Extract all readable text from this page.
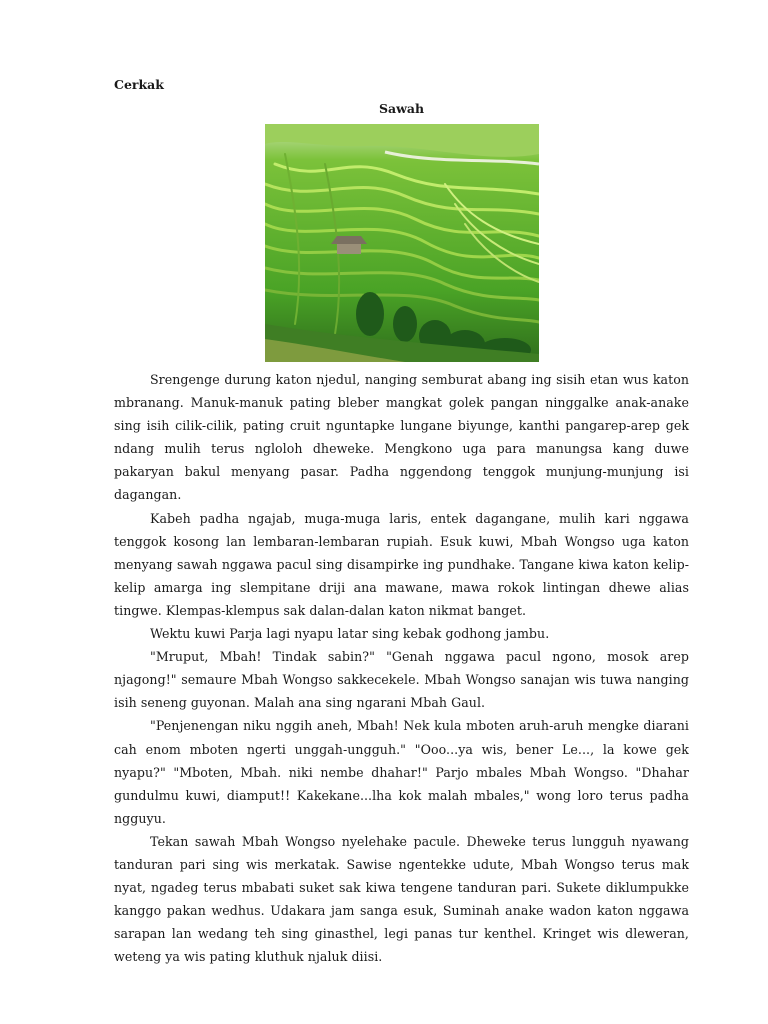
Cerkak

Sawah

Srengenge durung katon njedul, nanging semburat abang ing sisih etan wus katon mbranang. Manuk-manuk pating bleber mangkat golek pangan ninggalke anak-anake sing isih cilik-cilik, pating cruit nguntapke lungane biyunge, kanthi pangarep-arep gek ndang mulih terus ngloloh dheweke. Mengkono uga para manungsa kang duwe pakaryan bakul menyang pasar. Padha nggendong tenggok munjung-munjung isi dagangan.

Kabeh padha ngajab, muga-muga laris, entek dagangane, mulih kari nggawa tenggok kosong lan lembaran-lembaran rupiah. Esuk kuwi, Mbah Wongso uga katon menyang sawah nggawa pacul sing disampirke ing pundhake. Tangane kiwa katon kelip-kelip amarga ing slempitane driji ana mawane, mawa rokok lintingan dhewe alias tingwe. Klempas-klempus sak dalan-dalan katon nikmat banget.

Wektu kuwi Parja lagi nyapu latar sing kebak godhong jambu.

"Mruput, Mbah! Tindak sabin?" "Genah nggawa pacul ngono, mosok arep njagong!" semaure Mbah Wongso sakkecekele. Mbah Wongso sanajan wis tuwa nanging isih seneng guyonan. Malah ana sing ngarani Mbah Gaul.

"Penjenengan niku nggih aneh, Mbah! Nek kula mboten aruh-aruh mengke diarani cah enom mboten ngerti unggah-ungguh." "Ooo...ya wis, bener Le..., la kowe gek nyapu?" "Mboten, Mbah. niki nembe dhahar!" Parjo mbales Mbah Wongso. "Dhahar gundulmu kuwi, diamput!! Kakekane...lha kok malah mbales," wong loro terus padha ngguyu.

Tekan sawah Mbah Wongso nyelehake pacule. Dheweke terus lungguh nyawang tanduran pari sing wis merkatak. Sawise ngentekke udute, Mbah Wongso terus mak nyat, ngadeg terus mbabati suket sak kiwa tengene tanduran pari. Sukete diklumpukke kanggo pakan wedhus. Udakara jam sanga esuk, Suminah anake wadon katon nggawa sarapan lan wedang teh sing ginasthel, legi panas tur kenthel. Kringet wis dleweran, weteng ya wis pating kluthuk njaluk diisi.
